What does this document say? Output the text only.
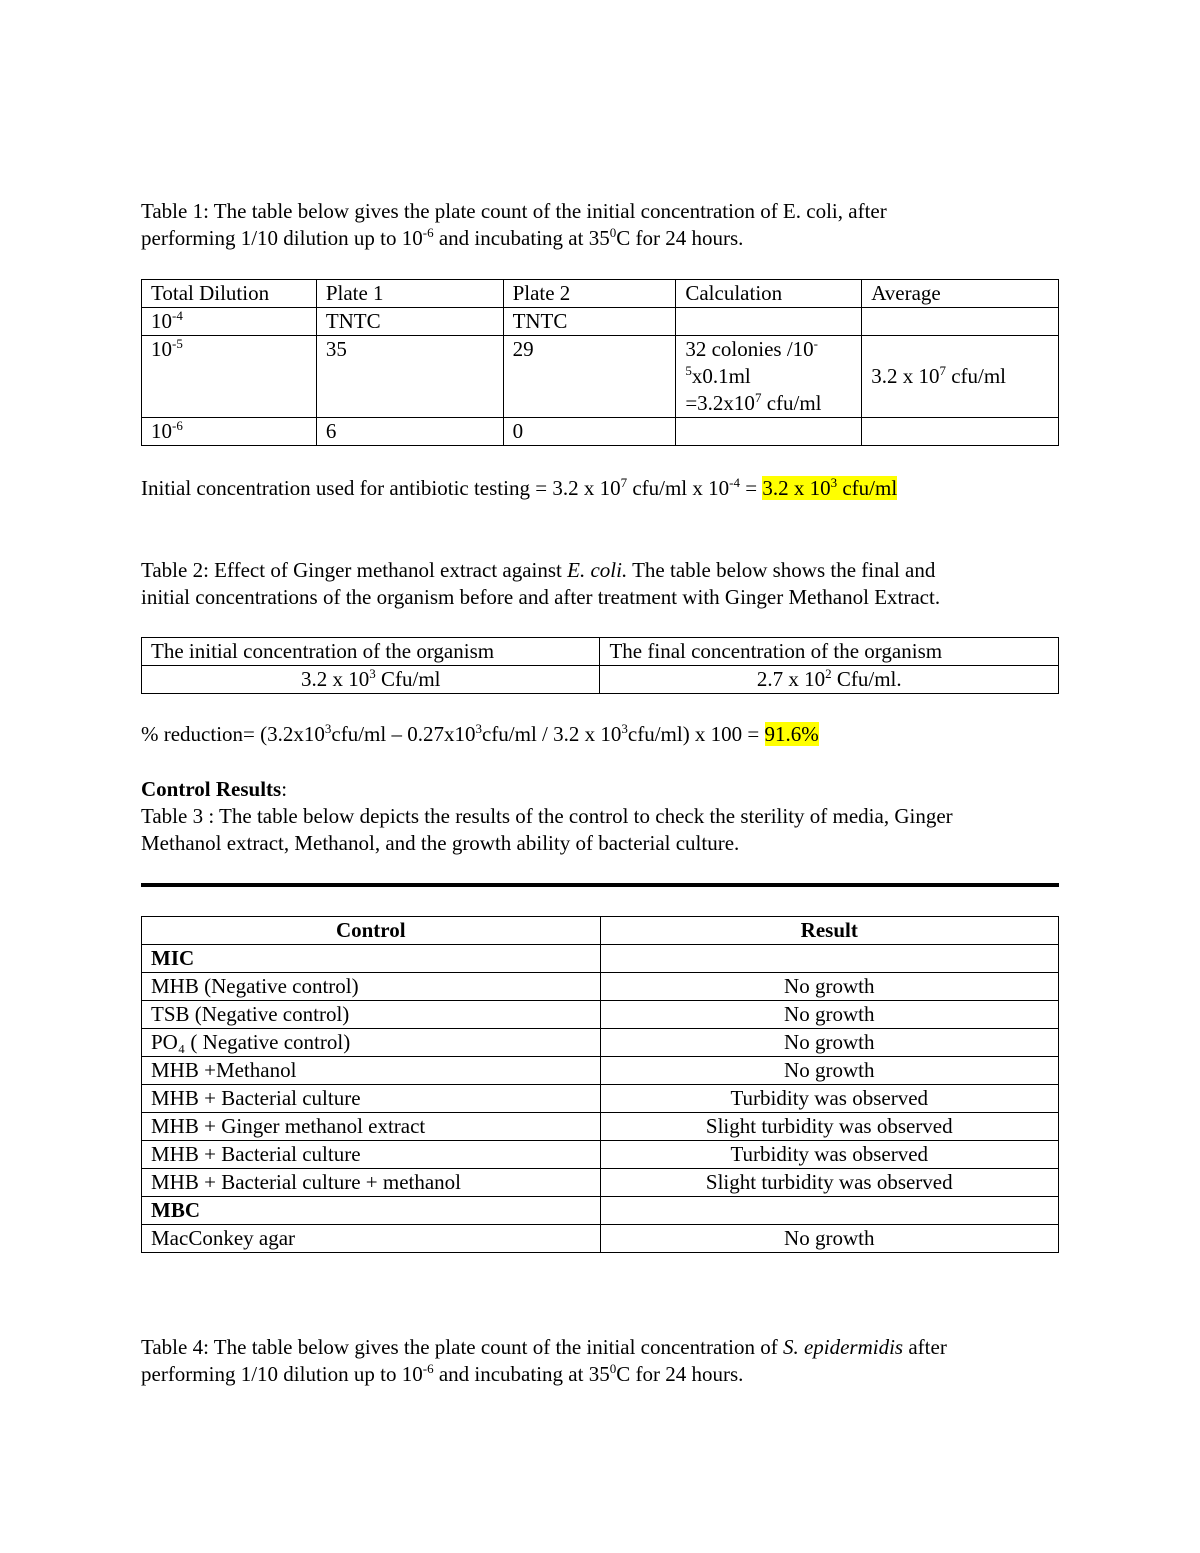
Table 1: The table below gives the plate count of the initial concentration of E. coli, after
performing 1/10 dilution up to $10^{-6}$ and incubating at $35^0C$ for 24 hours.

Total Dilution	Plate 1	Plate 2	Calculation	Average
$10^{-4}$	TNTC	TNTC		
$10^{-5}$	35	29	32 colonies /10-
$^5$x0.1ml
$=3.2x10^7$ cfu/ml	3.2 x $10^7$ cfu/ml
$10^{-6}$	6	0		

Initial concentration used for antibiotic testing = 3.2 x $10^7$ cfu/ml x $10^{-4} = 3.2$ x $10^3$ cfu/ml

Table 2: Effect of Ginger methanol extract against E. coli. The table below shows the final and
initial concentrations of the organism before and after treatment with Ginger Methanol Extract.

The initial concentration of the organism	The final concentration of the organism
3.2 x $10^3$ Cfu/ml	2.7 x $10^2$ Cfu/ml.

% reduction= ($3.2x10^3cfu/ml - 0.27x10^3cfu/ml / 3.2$ x $10^3cfu/ml$) x 100 = 91.6%

Control Results:
Table 3 : The table below depicts the results of the control to check the sterility of media, Ginger
Methanol extract, Methanol, and the growth ability of bacterial culture.

Control	Result
MIC	
MHB (Negative control)	No growth
TSB (Negative control)	No growth
PO₄ ( Negative control)	No growth
MHB +Methanol	No growth
MHB + Bacterial culture	Turbidity was observed
MHB + Ginger methanol extract	Slight turbidity was observed
MHB + Bacterial culture	Turbidity was observed
MHB + Bacterial culture + methanol	Slight turbidity was observed
MBC	
MacConkey agar	No growth

Table 4: The table below gives the plate count of the initial concentration of S. epidermidis after
performing 1/10 dilution up to $10^{-6}$ and incubating at $35^0C$ for 24 hours.
